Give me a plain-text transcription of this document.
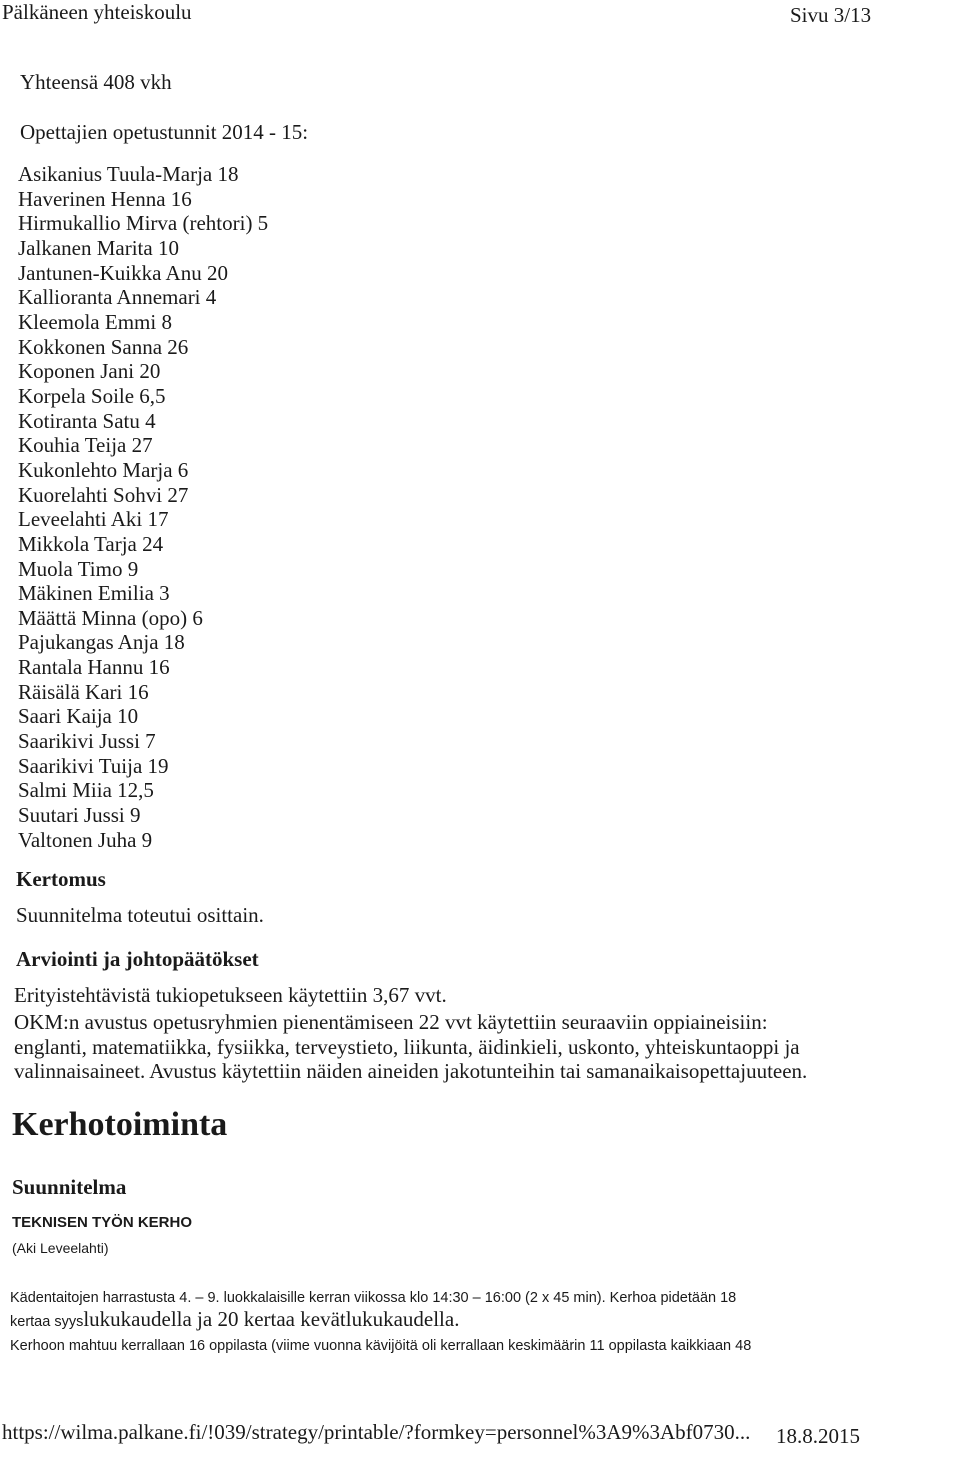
Pälkäneen yhteiskoulu	Sivu 3/13
Yhteensä 408 vkh
Opettajien opetustunnit 2014 - 15:
Asikanius Tuula-Marja 18
Haverinen Henna 16
Hirmukallio Mirva (rehtori) 5
Jalkanen Marita 10
Jantunen-Kuikka Anu 20
Kallioranta Annemari 4
Kleemola Emmi 8
Kokkonen Sanna 26
Koponen Jani 20
Korpela Soile 6,5
Kotiranta Satu 4
Kouhia Teija 27
Kukonlehto Marja 6
Kuorelahti Sohvi 27
Leveelahti Aki 17
Mikkola Tarja 24
Muola Timo 9
Mäkinen Emilia 3
Määttä Minna (opo) 6
Pajukangas Anja 18
Rantala Hannu 16
Räisälä Kari 16
Saari Kaija 10
Saarikivi Jussi 7
Saarikivi Tuija 19
Salmi Miia 12,5
Suutari Jussi 9
Valtonen Juha 9
Kertomus
Suunnitelma toteutui osittain.
Arviointi ja johtopäätökset
Erityistehtävistä tukiopetukseen käytettiin 3,67 vvt.
OKM:n avustus opetusryhmien pienentämiseen 22 vvt käytettiin seuraaviin oppiaineisiin:
englanti, matematiikka, fysiikka, terveystieto, liikunta, äidinkieli, uskonto, yhteiskuntaoppi ja
valinnaisaineet. Avustus käytettiin näiden aineiden jakotunteihin tai samanaikaisopettajuuteen.
Kerhotoiminta
Suunnitelma
TEKNISEN TYÖN KERHO
(Aki Leveelahti)
Kädentaitojen harrastusta 4. – 9. luokkalaisille kerran viikossa klo 14:30 – 16:00 (2 x 45 min). Kerhoa pidetään 18
kertaa syyslukukaudella ja 20 kertaa kevätlukukaudella.
Kerhoon mahtuu kerrallaan 16 oppilasta (viime vuonna kävijöitä oli kerrallaan keskimäärin 11 oppilasta kaikkiaan 48
https://wilma.palkane.fi/!039/strategy/printable/?formkey=personnel%3A9%3Abf0730... 18.8.2015
